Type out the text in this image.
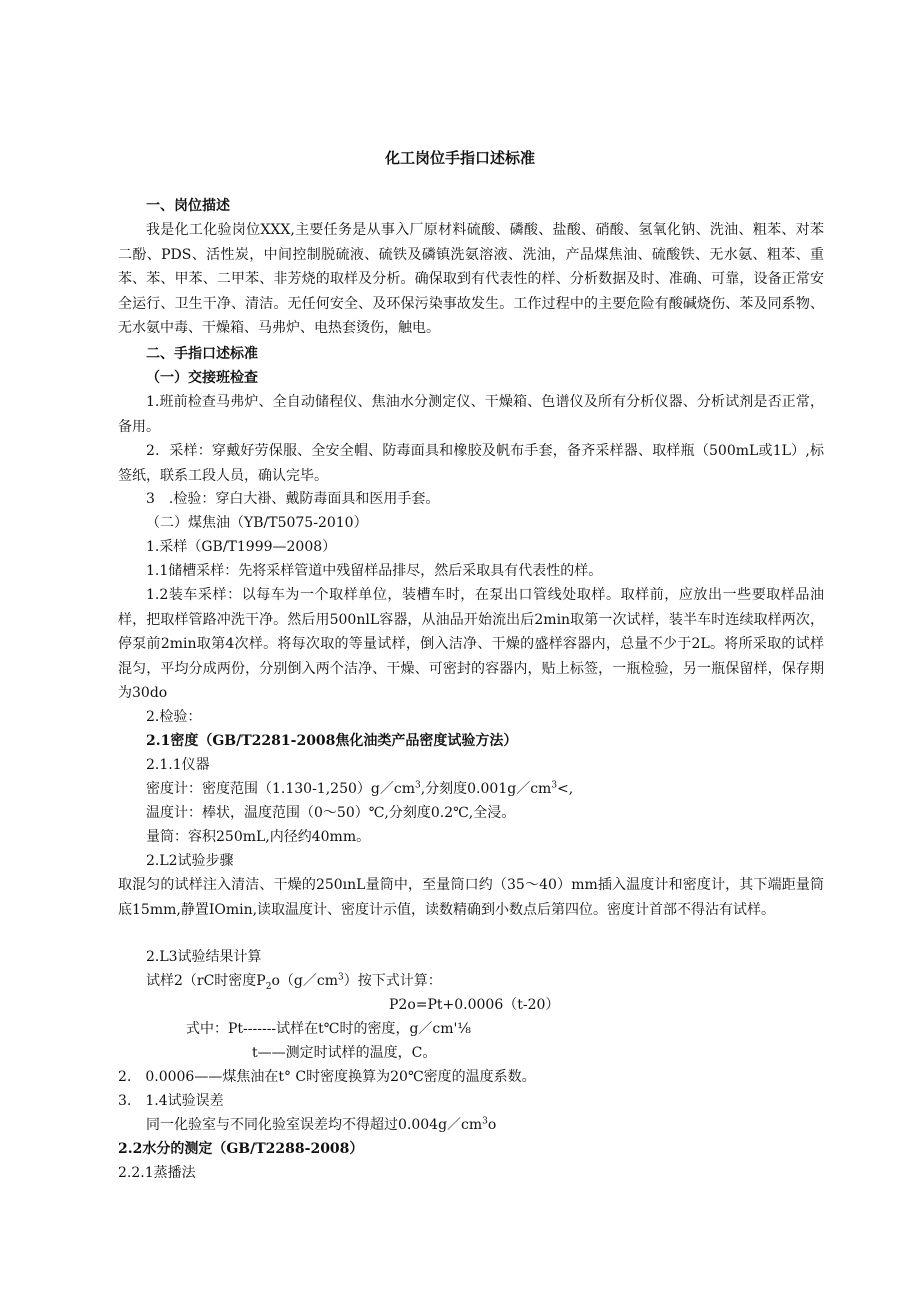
化工岗位手指口述标准
一、岗位描述
我是化工化验岗位XXX,主要任务是从事入厂原材料硫酸、磷酸、盐酸、硝酸、氢氧化钠、洗油、粗苯、对苯二酚、PDS、活性炭，中间控制脱硫液、硫铁及磷镇洗氨溶液、洗油，产品煤焦油、硫酸铁、无水氨、粗苯、重苯、苯、甲苯、二甲苯、非芳烧的取样及分析。确保取到有代表性的样、分析数据及时、准确、可靠，设备正常安全运行、卫生干净、清洁。无任何安全、及环保污染事故发生。工作过程中的主要危险有酸碱烧伤、苯及同系物、无水氨中毒、干燥箱、马弗炉、电热套烫伤，触电。
二、手指口述标准
（一）交接班检查
1.班前检查马弗炉、全自动储程仪、焦油水分测定仪、干燥箱、色谱仪及所有分析仪器、分析试剂是否正常，备用。
2．采样：穿戴好劳保服、全安全帽、防毒面具和橡胶及帆布手套，备齐采样器、取样瓶（500mL或1L）,标签纸，联系工段人员，确认完毕。
3　.检验：穿白大褂、戴防毒面具和医用手套。
（二）煤焦油（YB/T5075-2010）
1.采样（GB/T1999—2008）
1.1储槽采样：先将采样管道中残留样品排尽，然后采取具有代表性的样。
1.2装车采样：以每车为一个取样单位，装槽车时，在泵出口管线处取样。取样前，应放出一些要取样品油样，把取样管路冲洗干净。然后用500nlL容器，从油品开始流出后2min取第一次试样，装半车时连续取样两次，停泵前2min取第4次样。将每次取的等量试样，倒入洁净、干燥的盛样容器内，总量不少于2L。将所采取的试样混匀，平均分成两份，分别倒入两个洁净、干燥、可密封的容器内，贴上标签，一瓶检验，另一瓶保留样，保存期为30do
2.检验：
2.1密度（GB/T2281-2008焦化油类产品密度试验方法）
2.1.1仪器
密度计：密度范围$(1.130-1,250)g/cm^3$,分刻度$0.001g/cm^3<$,
温度计：棒状，温度范围（0～50）℃,分刻度0.2℃,全浸。
量筒：容积250mL,内径约40mm。
2.L2试验步骤
取混匀的试样注入清洁、干燥的250ınL量筒中，至量筒口约（35～40）mm插入温度计和密度计，其下端距量筒底15mm,静置IOmin,读取温度计、密度计示值，读数精确到小数点后第四位。密度计首部不得沾有试样。
2.L3试验结果计算
试样2（rC时密度$P_2o(g/cm^3)$按下式计算：
P2o=Pt+0.0006（t-20）
式中：Pt-------试样在t℃时的密度，g／cm'⅛
t——测定时试样的温度，C。
2.　0.0006——煤焦油在t° C时密度换算为20℃密度的温度系数。
3.　1.4试验误差
同一化验室与不同化验室误差均不得超过$0.004g/cm^3o$
2.2水分的测定（GB/T2288-2008）
2.2.1蒸播法
